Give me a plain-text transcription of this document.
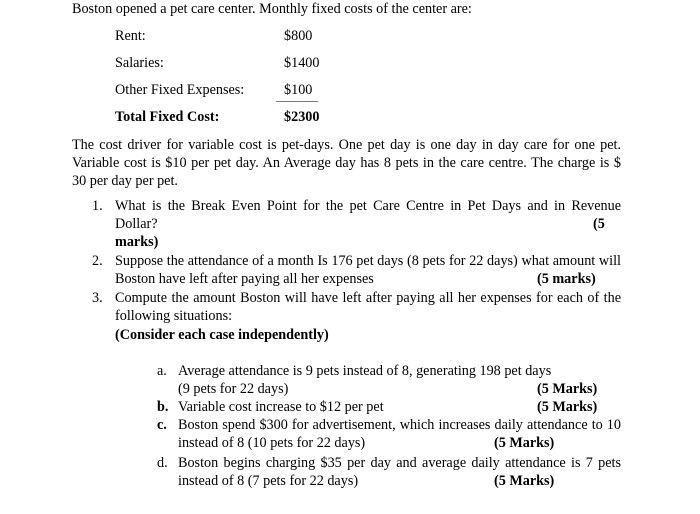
Boston opened a pet care center. Monthly fixed costs of the center are:
Rent:	$800
Salaries:	$1400
Other Fixed Expenses:	$100
Total Fixed Cost:	$2300
The cost driver for variable cost is pet-days. One pet day is one day in day care for one pet.
Variable cost is $10 per pet day. An Average day has 8 pets in the care centre. The charge is $
30 per day per pet.
1. What is the Break Even Point for the pet Care Centre in Pet Days and in Revenue
Dollar?	(5
marks)
2. Suppose the attendance of a month Is 176 pet days (8 pets for 22 days) what amount will
Boston have left after paying all her expenses	(5 marks)
3. Compute the amount Boston will have left after paying all her expenses for each of the
following situations:
(Consider each case independently)
a. Average attendance is 9 pets instead of 8, generating 198 pet days
(9 pets for 22 days)	(5 Marks)
b. Variable cost increase to $12 per pet	(5 Marks)
c. Boston spend $300 for advertisement, which increases daily attendance to 10
instead of 8 (10 pets for 22 days)	(5 Marks)
d. Boston begins charging $35 per day and average daily attendance is 7 pets
instead of 8 (7 pets for 22 days)	(5 Marks)
